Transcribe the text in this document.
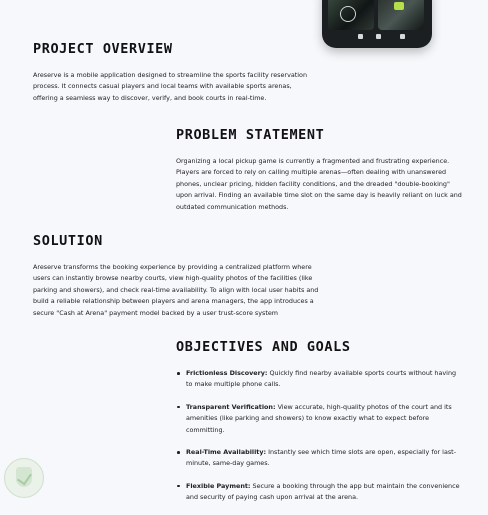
PROJECT OVERVIEW

Areserve is a mobile application designed to streamline the sports facility reservation process. It connects casual players and local teams with available sports arenas, offering a seamless way to discover, verify, and book courts in real-time.

PROBLEM STATEMENT

Organizing a local pickup game is currently a fragmented and frustrating experience. Players are forced to rely on calling multiple arenas—often dealing with unanswered phones, unclear pricing, hidden facility conditions, and the dreaded "double-booking" upon arrival. Finding an available time slot on the same day is heavily reliant on luck and outdated communication methods.

SOLUTION

Areserve transforms the booking experience by providing a centralized platform where users can instantly browse nearby courts, view high-quality photos of the facilities (like parking and showers), and check real-time availability. To align with local user habits and build a reliable relationship between players and arena managers, the app introduces a secure "Cash at Arena" payment model backed by a user trust-score system

OBJECTIVES AND GOALS
Frictionless Discovery: Quickly find nearby available sports courts without having to make multiple phone calls.
Transparent Verification: View accurate, high-quality photos of the court and its amenities (like parking and showers) to know exactly what to expect before committing.
Real-Time Availability: Instantly see which time slots are open, especially for last-minute, same-day games.
Flexible Payment: Secure a booking through the app but maintain the convenience and security of paying cash upon arrival at the arena.
